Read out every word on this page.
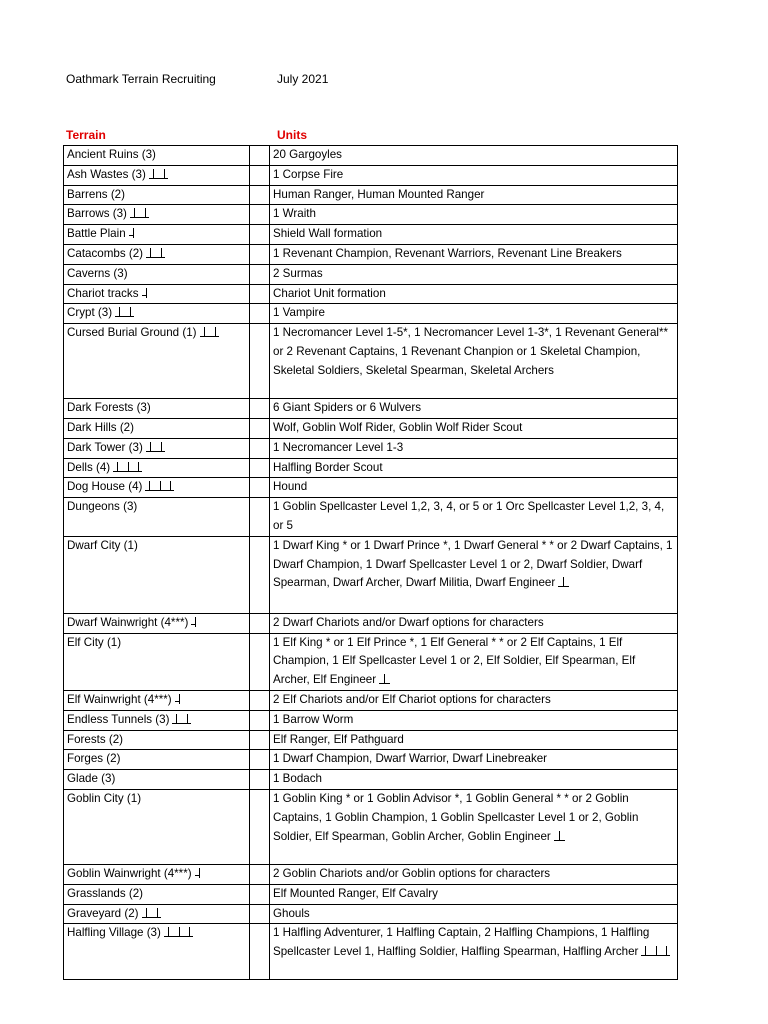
Oathmark Terrain Recruiting	July 2021
Terrain	Units
Ancient Ruins (3)		20 Gargoyles
Ash Wastes (3)		1 Corpse Fire
Barrens (2)		Human Ranger, Human Mounted Ranger
Barrows (3)		1 Wraith
Battle Plain		Shield Wall formation
Catacombs (2)		1 Revenant Champion, Revenant Warriors, Revenant Line Breakers
Caverns (3)		2 Surmas
Chariot tracks		Chariot Unit formation
Crypt (3)		1 Vampire
Cursed Burial Ground (1)		1 Necromancer Level 1-5*, 1 Necromancer Level 1-3*, 1 Revenant General** or 2 Revenant Captains, 1 Revenant Chanpion or 1 Skeletal Champion, Skeletal Soldiers, Skeletal Spearman, Skeletal Archers
Dark Forests (3)		6 Giant Spiders or 6 Wulvers
Dark Hills (2)		Wolf, Goblin Wolf Rider, Goblin Wolf Rider Scout
Dark Tower (3)		1 Necromancer Level 1-3
Dells (4)		Halfling Border Scout
Dog House (4)		Hound
Dungeons (3)		1 Goblin Spellcaster Level 1,2, 3, 4, or 5 or 1 Orc Spellcaster Level 1,2, 3, 4, or 5
Dwarf City (1)		1 Dwarf King * or 1 Dwarf Prince *, 1 Dwarf General * * or 2 Dwarf Captains, 1 Dwarf Champion, 1 Dwarf Spellcaster Level 1 or 2, Dwarf Soldier, Dwarf Spearman, Dwarf Archer, Dwarf Militia, Dwarf Engineer

Dwarf Wainwright (4***)		2 Dwarf Chariots and/or Dwarf options for characters
Elf City (1)		1 Elf King * or 1 Elf Prince *, 1 Elf General * * or 2 Elf Captains, 1 Elf Champion, 1 Elf Spellcaster Level 1 or 2, Elf Soldier, Elf Spearman, Elf Archer, Elf Engineer

Elf Wainwright (4***)		2 Elf Chariots and/or Elf Chariot options for characters
Endless Tunnels (3)		1 Barrow Worm
Forests (2)		Elf Ranger, Elf Pathguard
Forges (2)		1 Dwarf Champion, Dwarf Warrior, Dwarf Linebreaker
Glade (3)		1 Bodach
Goblin City (1)		1 Goblin King * or 1 Goblin Advisor *, 1 Goblin General * * or 2 Goblin Captains, 1 Goblin Champion, 1 Goblin Spellcaster Level 1 or 2, Goblin Soldier, Elf Spearman, Goblin Archer, Goblin Engineer

Goblin Wainwright (4***)		2 Goblin Chariots and/or Goblin options for characters
Grasslands (2)		Elf Mounted Ranger, Elf Cavalry
Graveyard (2)		Ghouls
Halfling Village (3)		1 Halfling Adventurer, 1 Halfling Captain, 2 Halfling Champions, 1 Halfling Spellcaster Level 1, Halfling Soldier, Halfling Spearman, Halfling Archer
